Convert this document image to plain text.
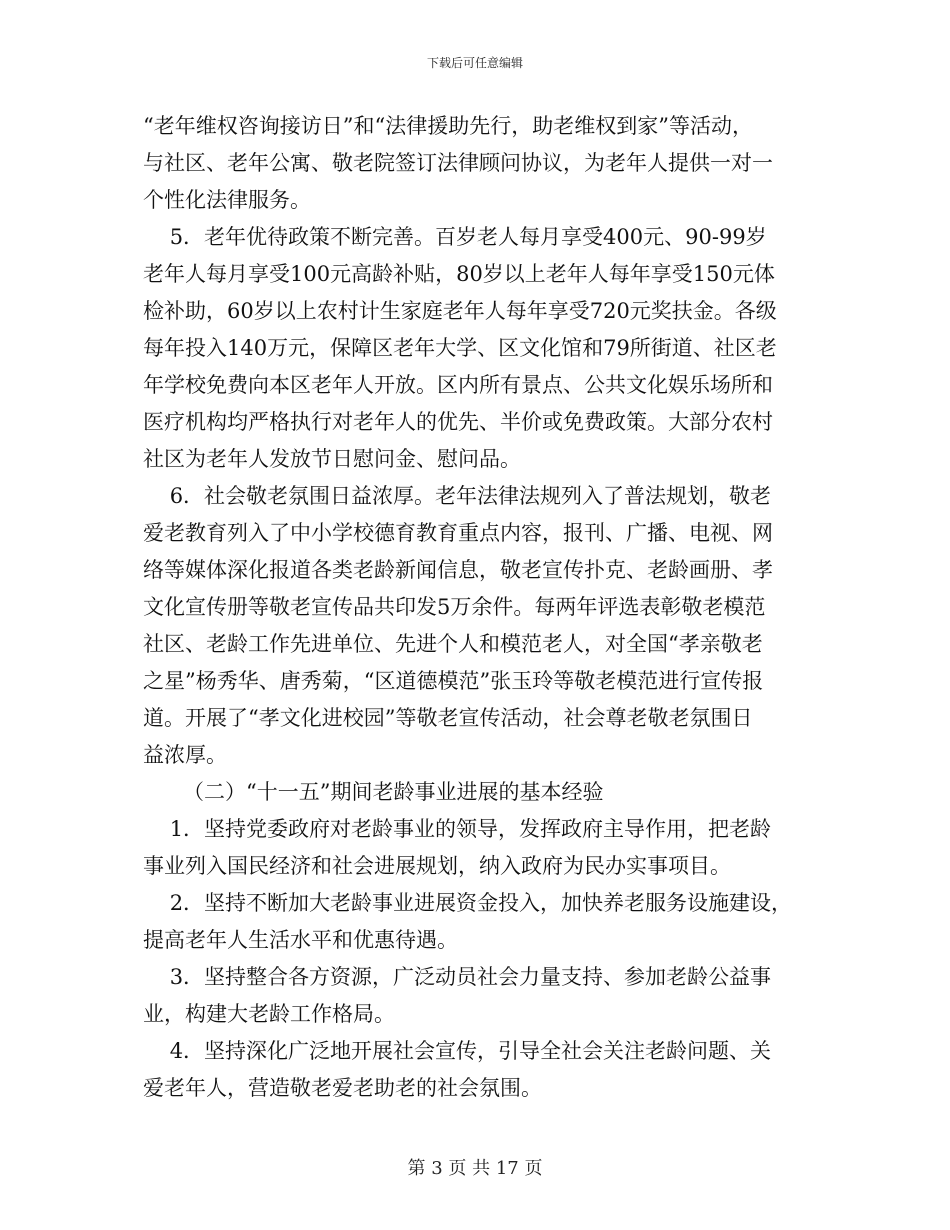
下载后可任意编辑
“老年维权咨询接访日”和“法律援助先行，助老维权到家”等活动，
与社区、老年公寓、敬老院签订法律顾问协议，为老年人提供一对一
个性化法律服务。
5．老年优待政策不断完善。百岁老人每月享受400元、90-99岁
老年人每月享受100元高龄补贴，80岁以上老年人每年享受150元体
检补助，60岁以上农村计生家庭老年人每年享受720元奖扶金。各级
每年投入140万元，保障区老年大学、区文化馆和79所街道、社区老
年学校免费向本区老年人开放。区内所有景点、公共文化娱乐场所和
医疗机构均严格执行对老年人的优先、半价或免费政策。大部分农村
社区为老年人发放节日慰问金、慰问品。
6．社会敬老氛围日益浓厚。老年法律法规列入了普法规划，敬老
爱老教育列入了中小学校德育教育重点内容，报刊、广播、电视、网
络等媒体深化报道各类老龄新闻信息，敬老宣传扑克、老龄画册、孝
文化宣传册等敬老宣传品共印发5万余件。每两年评选表彰敬老模范
社区、老龄工作先进单位、先进个人和模范老人，对全国“孝亲敬老
之星”杨秀华、唐秀菊，“区道德模范”张玉玲等敬老模范进行宣传报
道。开展了“孝文化进校园”等敬老宣传活动，社会尊老敬老氛围日
益浓厚。
（二）“十一五”期间老龄事业进展的基本经验
1．坚持党委政府对老龄事业的领导，发挥政府主导作用，把老龄
事业列入国民经济和社会进展规划，纳入政府为民办实事项目。
2．坚持不断加大老龄事业进展资金投入，加快养老服务设施建设，
提高老年人生活水平和优惠待遇。
3．坚持整合各方资源，广泛动员社会力量支持、参加老龄公益事
业，构建大老龄工作格局。
4．坚持深化广泛地开展社会宣传，引导全社会关注老龄问题、关
爱老年人，营造敬老爱老助老的社会氛围。
第 3 页 共 17 页
